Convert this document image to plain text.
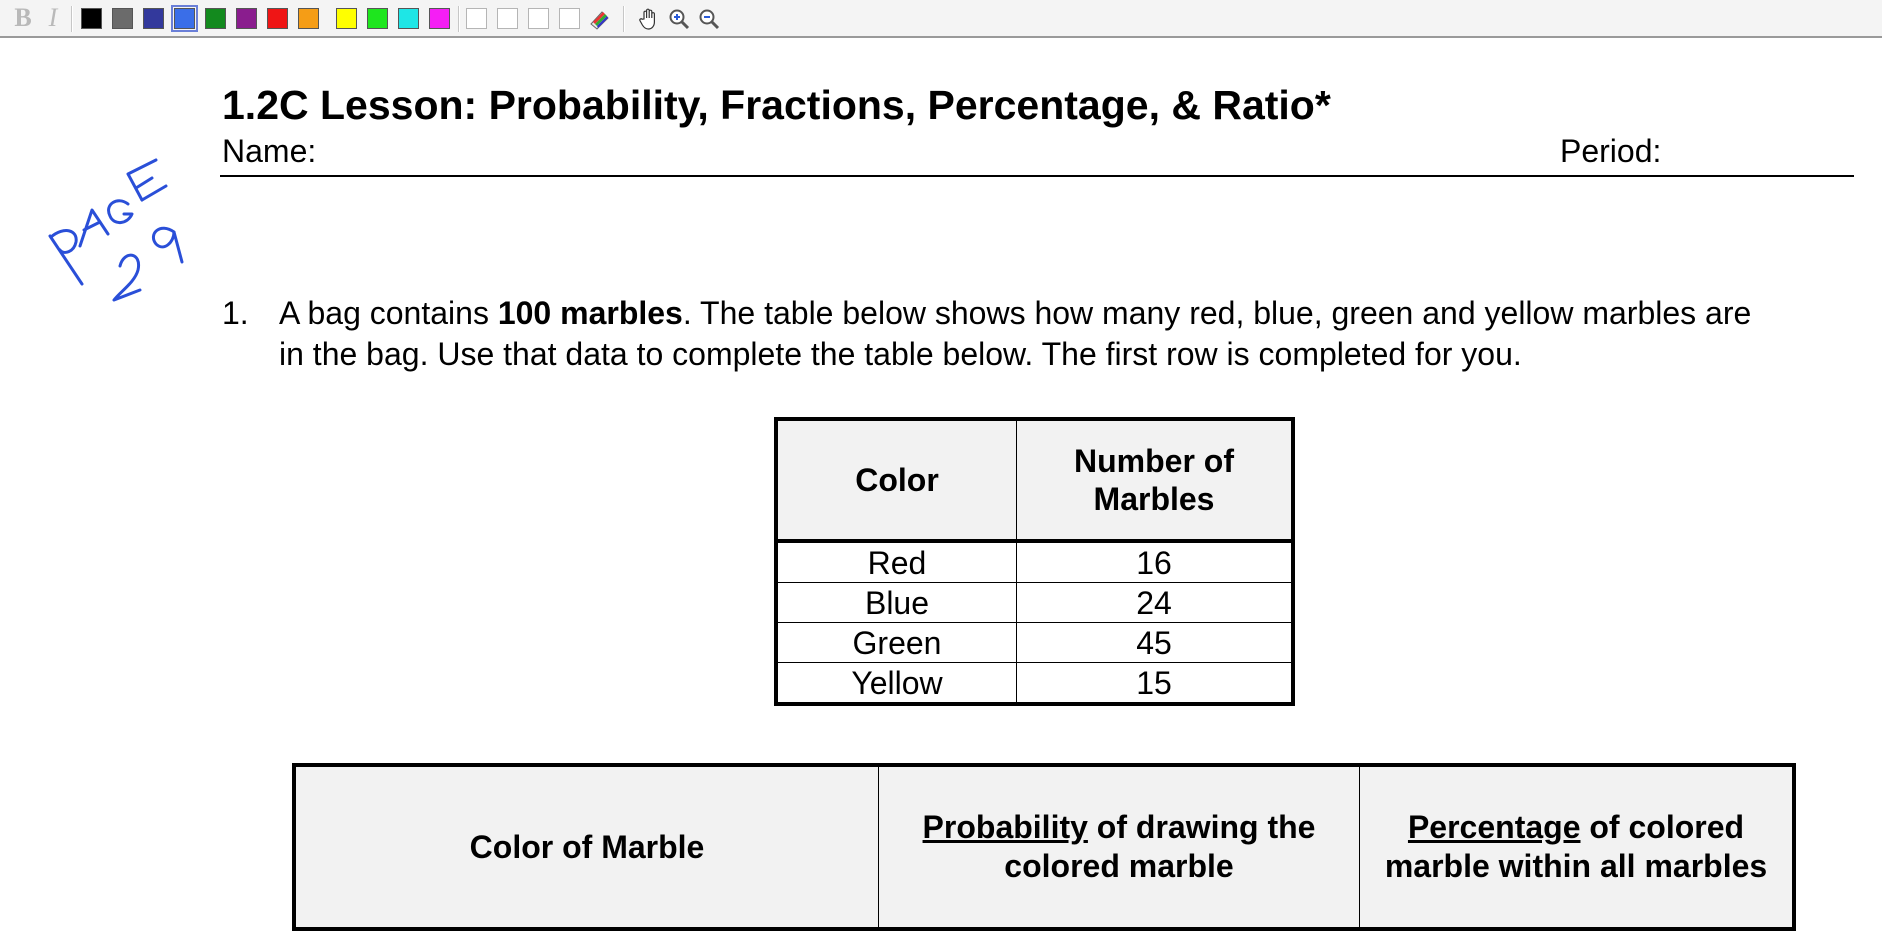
B I
1.2C Lesson: Probability, Fractions, Percentage, & Ratio*
Name:	Period:
1. A bag contains 100 marbles. The table below shows how many red, blue, green and yellow marbles are
in the bag. Use that data to complete the table below. The first row is completed for you.
Color	Number of
Marbles
Red	16
Blue	24
Green	45
Yellow	15
Color of Marble	Probability of drawing the colored marble	Percentage of colored marble within all marbles
